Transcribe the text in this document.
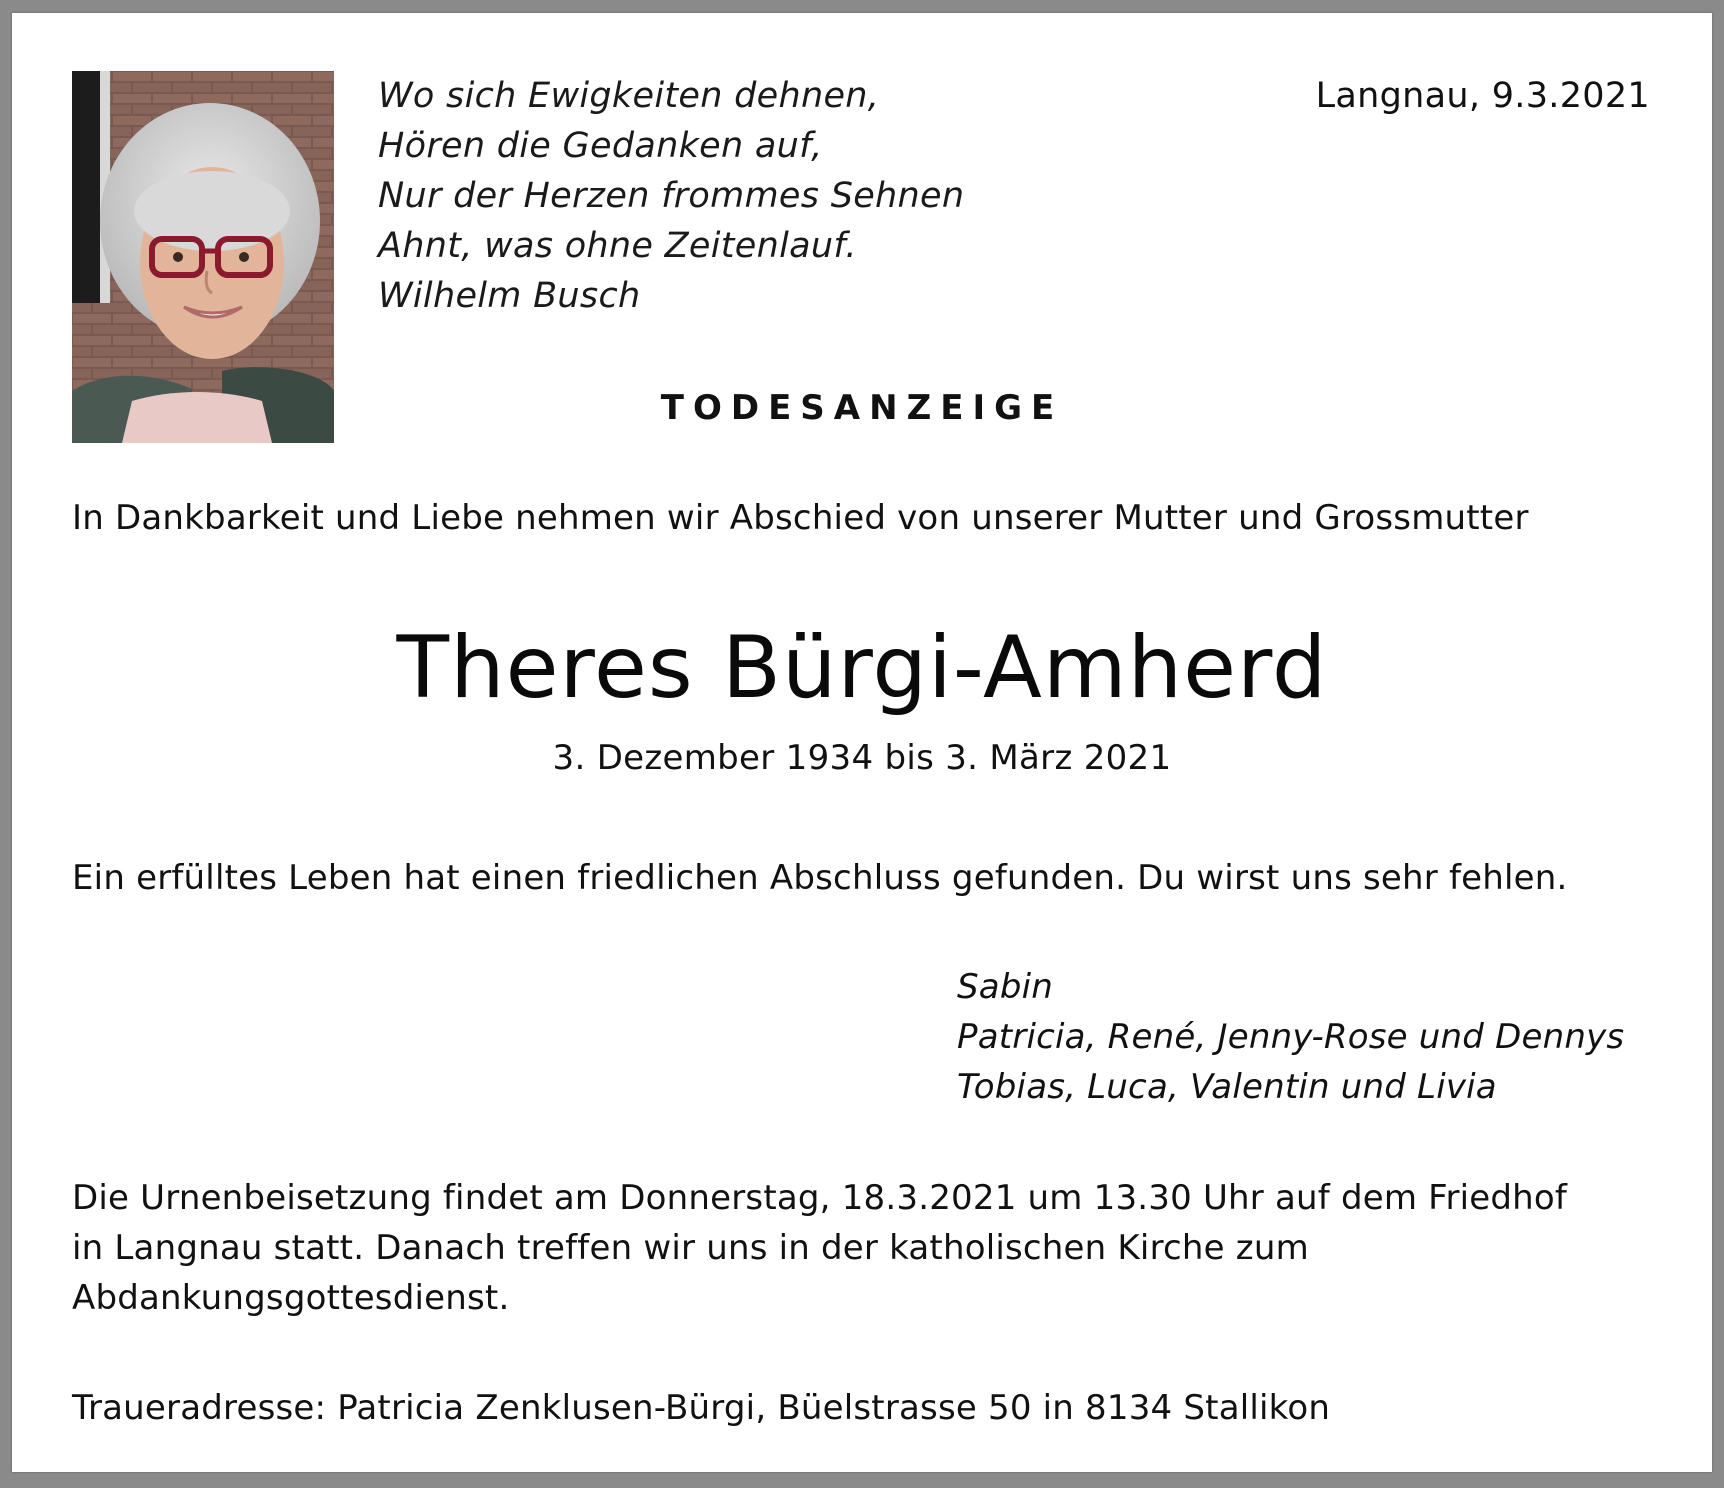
Wo sich Ewigkeiten dehnen,
Hören die Gedanken auf,
Nur der Herzen frommes Sehnen
Ahnt, was ohne Zeitenlauf.
Wilhelm Busch
Langnau, 9.3.2021
TODESANZEIGE
In Dankbarkeit und Liebe nehmen wir Abschied von unserer Mutter und Grossmutter
Theres Bürgi-Amherd
3. Dezember 1934 bis 3. März 2021
Ein erfülltes Leben hat einen friedlichen Abschluss gefunden. Du wirst uns sehr fehlen.
Sabin
Patricia, René, Jenny-Rose und Dennys
Tobias, Luca, Valentin und Livia
Die Urnenbeisetzung findet am Donnerstag, 18.3.2021 um 13.30 Uhr auf dem Friedhof
in Langnau statt. Danach treffen wir uns in der katholischen Kirche zum
Abdankungsgottesdienst.
Traueradresse: Patricia Zenklusen-Bürgi, Büelstrasse 50 in 8134 Stallikon
